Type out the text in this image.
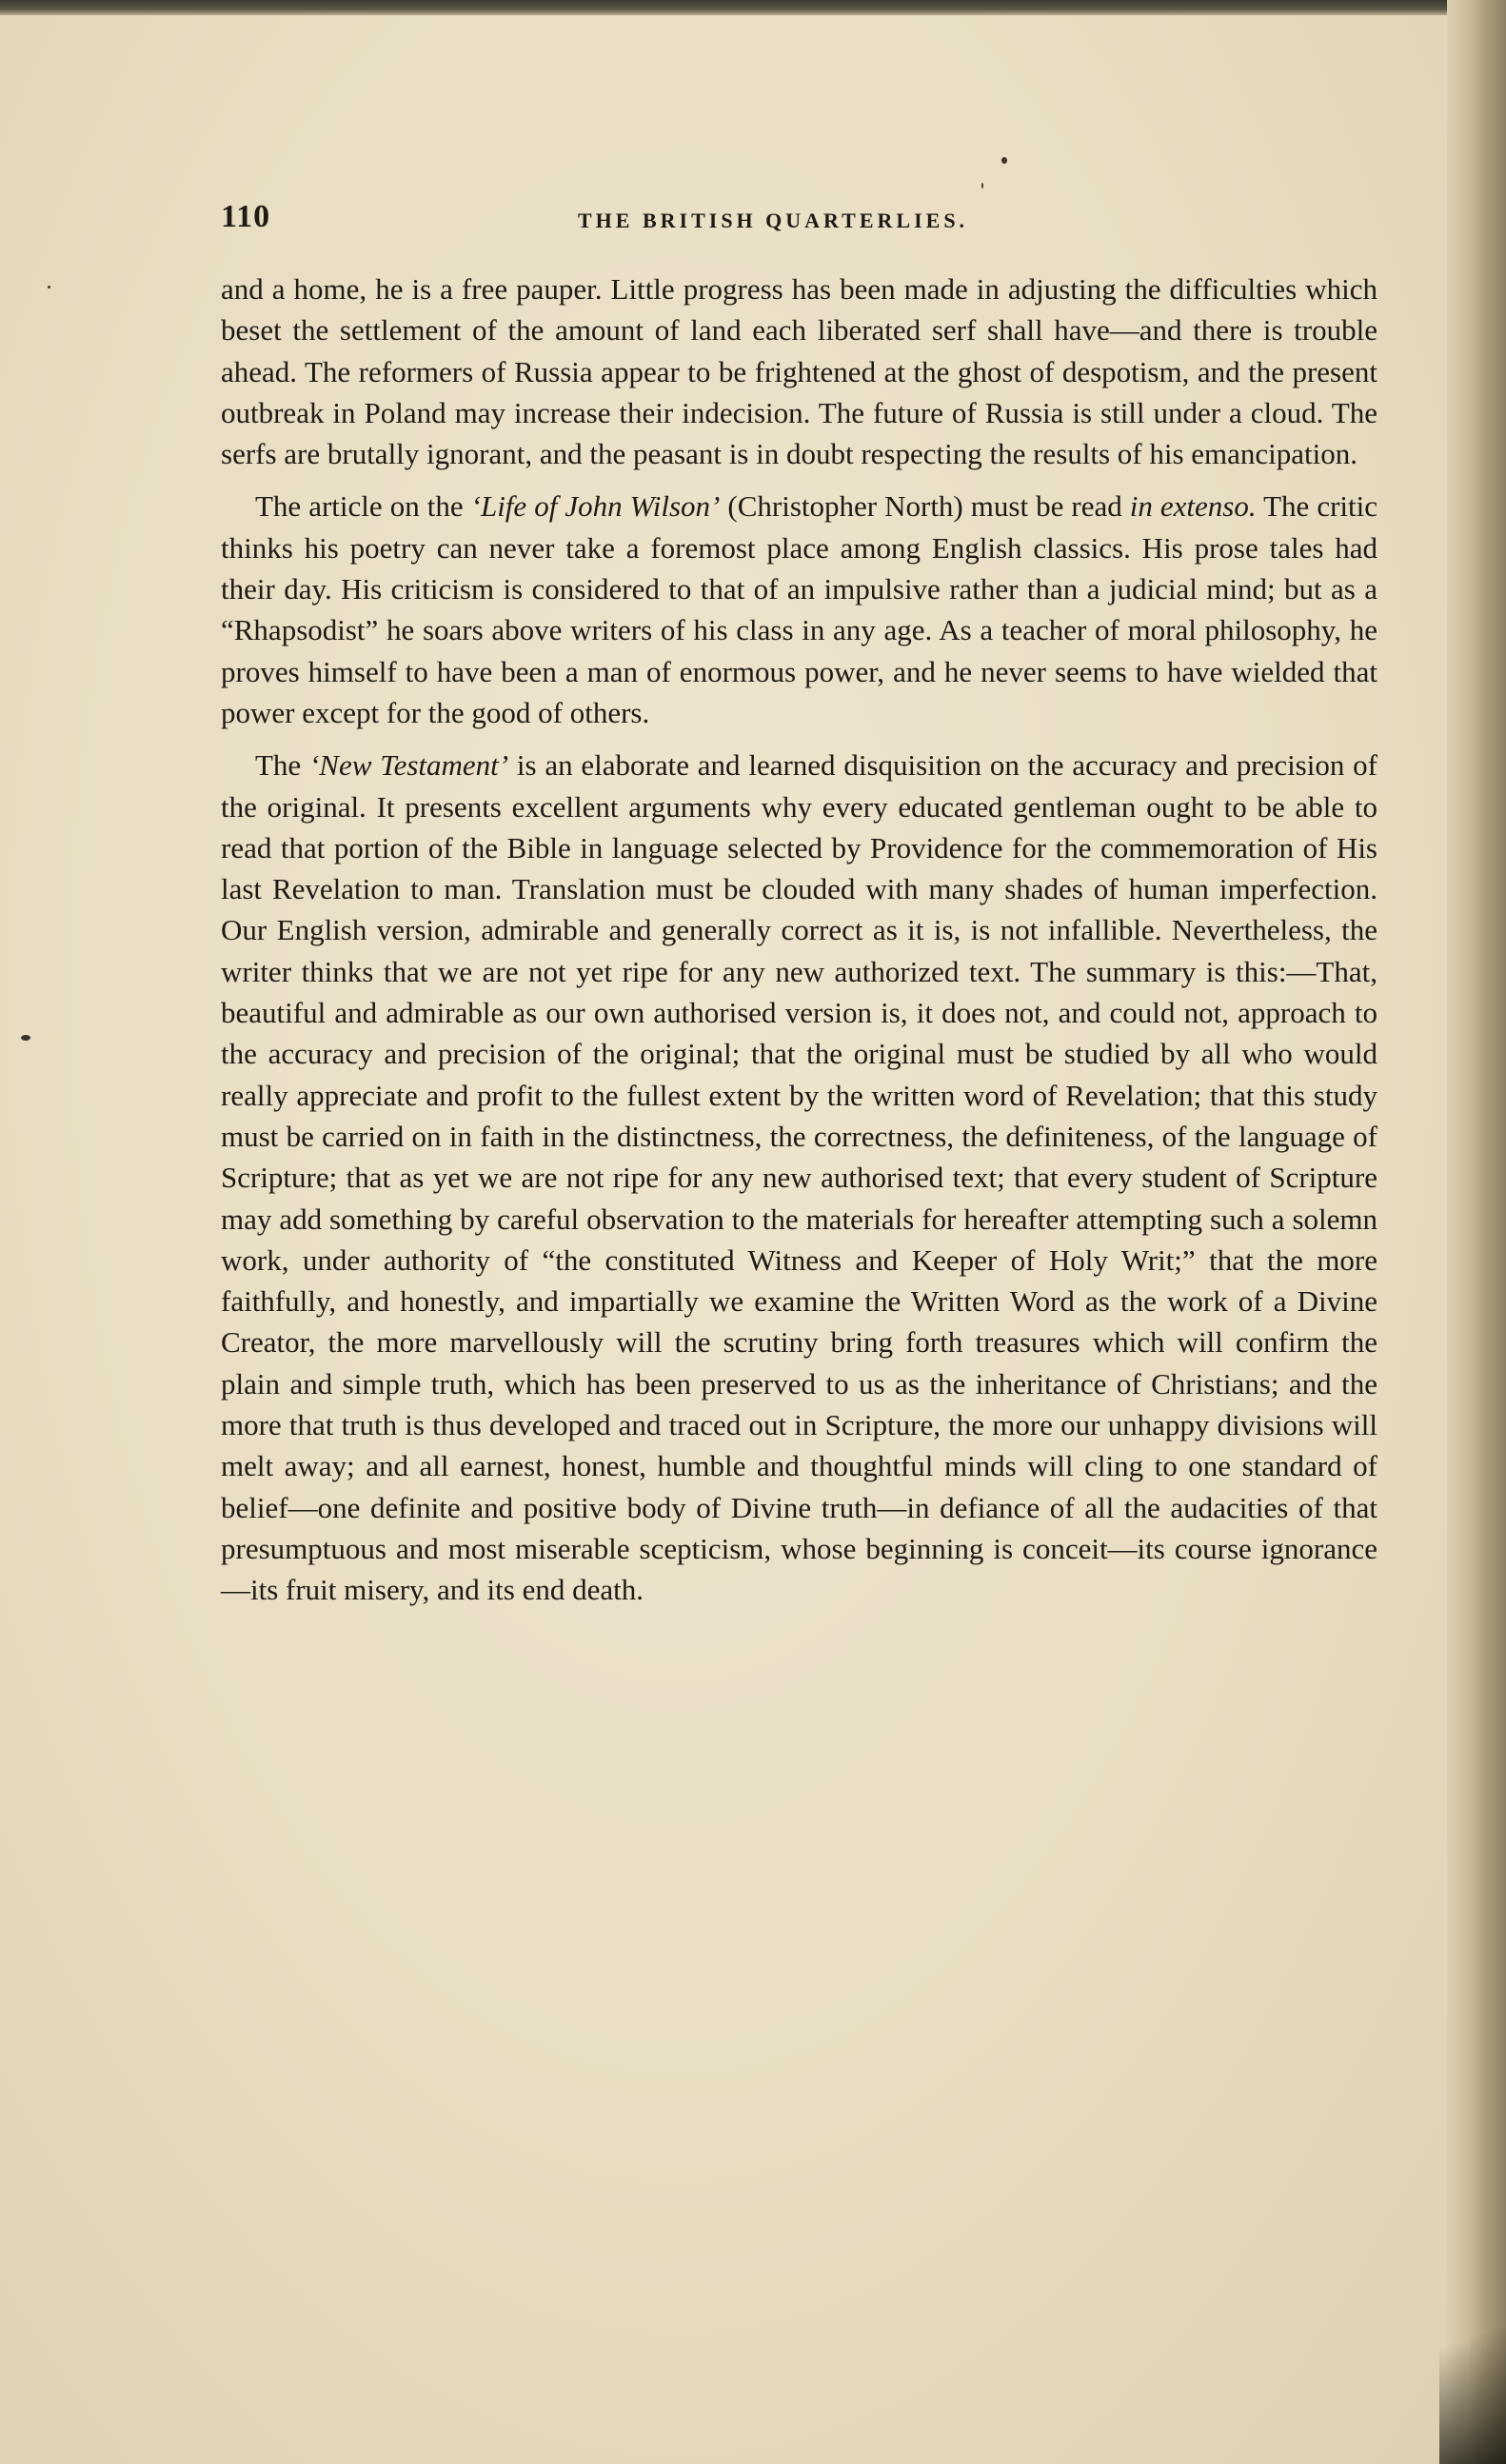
110	THE BRITISH QUARTERLIES.

and a home, he is a free pauper. Little progress has been made in adjusting the difficulties which beset the settlement of the amount of land each liberated serf shall have—and there is trouble ahead. The reformers of Russia appear to be frightened at the ghost of despotism, and the present outbreak in Poland may increase their indecision. The future of Russia is still under a cloud. The serfs are brutally ignorant, and the peasant is in doubt respecting the results of his emancipation.

The article on the ‘Life of John Wilson’ (Christopher North) must be read in extenso. The critic thinks his poetry can never take a foremost place among English classics. His prose tales had their day. His criticism is considered to that of an impulsive rather than a judicial mind; but as a “Rhapsodist” he soars above writers of his class in any age. As a teacher of moral philosophy, he proves himself to have been a man of enormous power, and he never seems to have wielded that power except for the good of others.

The ‘New Testament’ is an elaborate and learned disquisition on the accuracy and precision of the original. It presents excellent arguments why every educated gentleman ought to be able to read that portion of the Bible in language selected by Providence for the commemoration of His last Revelation to man. Translation must be clouded with many shades of human imperfection. Our English version, admirable and generally correct as it is, is not infallible. Nevertheless, the writer thinks that we are not yet ripe for any new authorized text. The summary is this:—That, beautiful and admirable as our own authorised version is, it does not, and could not, approach to the accuracy and precision of the original; that the original must be studied by all who would really appreciate and profit to the fullest extent by the written word of Revelation; that this study must be carried on in faith in the distinctness, the correctness, the definiteness, of the language of Scripture; that as yet we are not ripe for any new authorised text; that every student of Scripture may add something by careful observation to the materials for hereafter attempting such a solemn work, under authority of “the constituted Witness and Keeper of Holy Writ;” that the more faithfully, and honestly, and impartially we examine the Written Word as the work of a Divine Creator, the more marvellously will the scrutiny bring forth treasures which will confirm the plain and simple truth, which has been preserved to us as the inheritance of Christians; and the more that truth is thus developed and traced out in Scripture, the more our unhappy divisions will melt away; and all earnest, honest, humble and thoughtful minds will cling to one standard of belief—one definite and positive body of Divine truth—in defiance of all the audacities of that presumptuous and most miserable scepticism, whose beginning is conceit—its course ignorance—its fruit misery, and its end death.
